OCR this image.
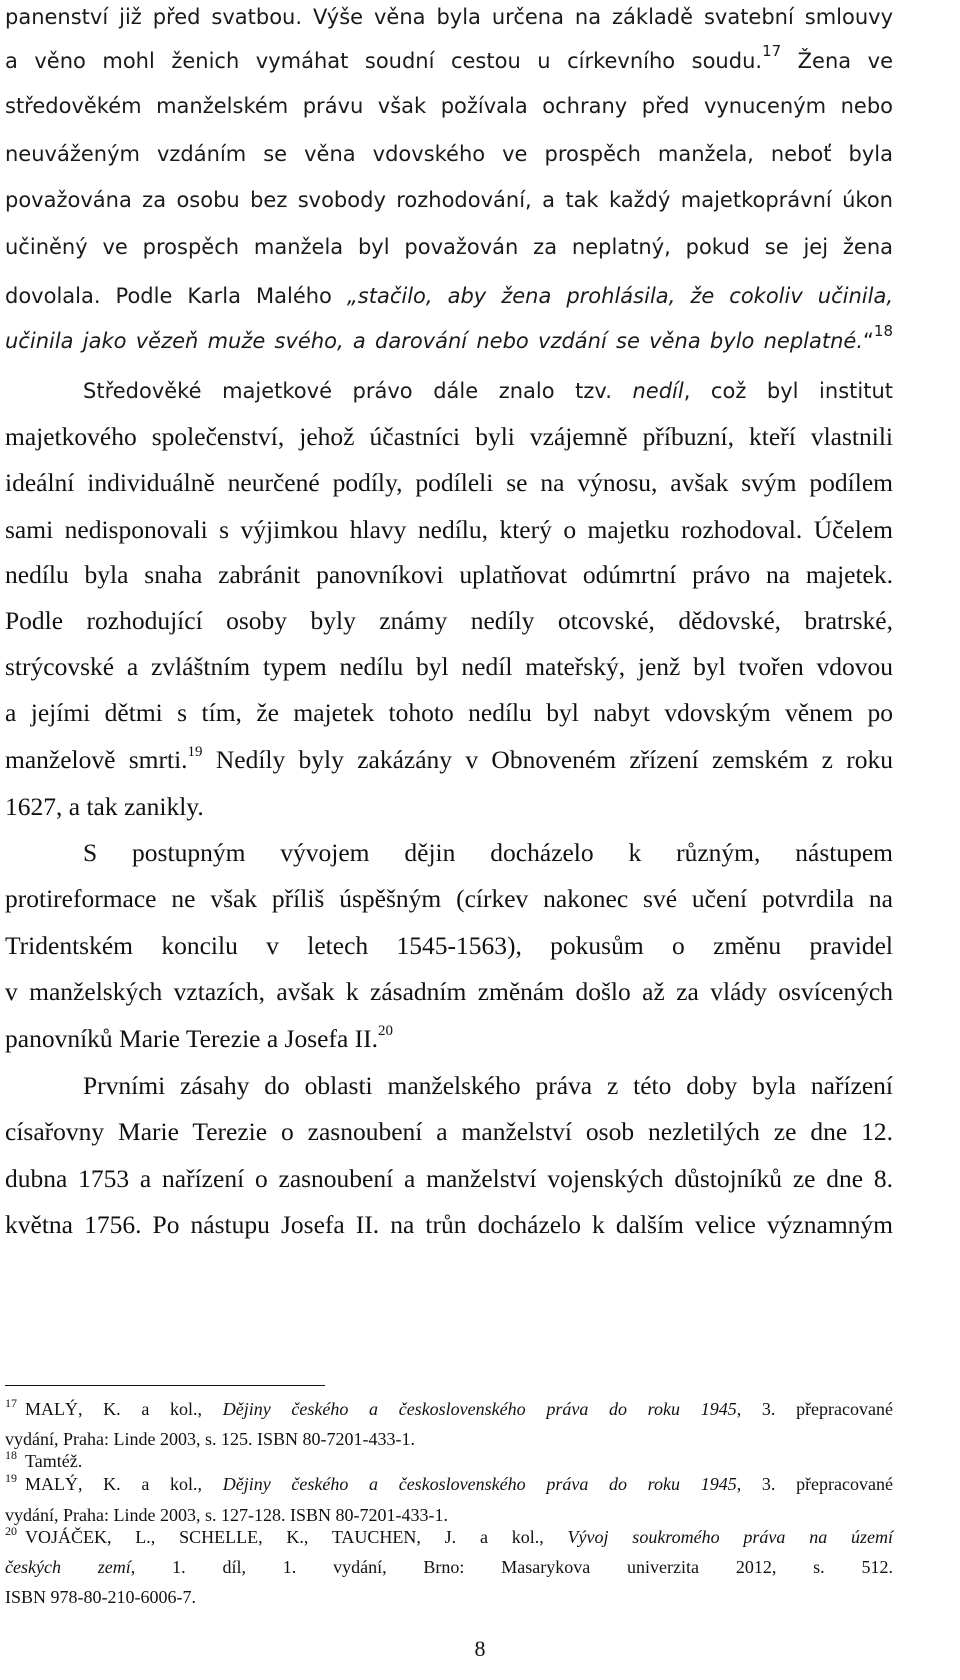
panenství již před svatbou. Výše věna byla určena na základě svatební smlouvy
a věno mohl ženich vymáhat soudní cestou u církevního soudu.$^{17}$ Žena ve
středověkém manželském právu však požívala ochrany před vynuceným nebo
neuváženým vzdáním se věna vdovského ve prospěch manžela, neboť byla
považována za osobu bez svobody rozhodování, a tak každý majetkoprávní úkon
učiněný ve prospěch manžela byl považován za neplatný, pokud se jej žena
dovolala. Podle Karla Malého „stačilo, aby žena prohlásila, že cokoliv učinila,
učinila jako vězeň muže svého, a darování nebo vzdání se věna bylo neplatné.“$^{18}$
Středověké majetkové právo dále znalo tzv. nedíl, což byl institut
majetkového společenství, jehož účastníci byli vzájemně příbuzní, kteří vlastnili
ideální individuálně neurčené podíly, podíleli se na výnosu, avšak svým podílem
sami nedisponovali s výjimkou hlavy nedílu, který o majetku rozhodoval. Účelem
nedílu byla snaha zabránit panovníkovi uplatňovat odúmrtní právo na majetek.
Podle rozhodující osoby byly známy nedíly otcovské, dědovské, bratrské,
strýcovské a zvláštním typem nedílu byl nedíl mateřský, jenž byl tvořen vdovou
a jejími dětmi s tím, že majetek tohoto nedílu byl nabyt vdovským věnem po
manželově smrti.$^{19}$ Nedíly byly zakázány v Obnoveném zřízení zemském z roku
1627, a tak zanikly.
S postupným vývojem dějin docházelo k různým, nástupem
protireformace ne však příliš úspěšným (církev nakonec své učení potvrdila na
Tridentském koncilu v letech 1545-1563), pokusům o změnu pravidel
v manželských vztazích, avšak k zásadním změnám došlo až za vlády osvícených
panovníků Marie Terezie a Josefa II.$^{20}$
Prvními zásahy do oblasti manželského práva z této doby byla nařízení
císařovny Marie Terezie o zasnoubení a manželství osob nezletilých ze dne 12.
dubna 1753 a nařízení o zasnoubení a manželství vojenských důstojníků ze dne 8.
května 1756. Po nástupu Josefa II. na trůn docházelo k dalším velice významným
$^{17}$ MALÝ, K. a kol., Dějiny českého a československého práva do roku 1945, 3. přepracované
vydání, Praha: Linde 2003, s. 125. ISBN 80-7201-433-1.
$^{18}$ Tamtéž.
$^{19}$ MALÝ, K. a kol., Dějiny českého a československého práva do roku 1945, 3. přepracované
vydání, Praha: Linde 2003, s. 127-128. ISBN 80-7201-433-1.
$^{20}$ VOJÁČEK, L., SCHELLE, K., TAUCHEN, J. a kol., Vývoj soukromého práva na území
českých zemí, 1. díl, 1. vydání, Brno: Masarykova univerzita 2012, s. 512.
ISBN 978-80-210-6006-7.
8
